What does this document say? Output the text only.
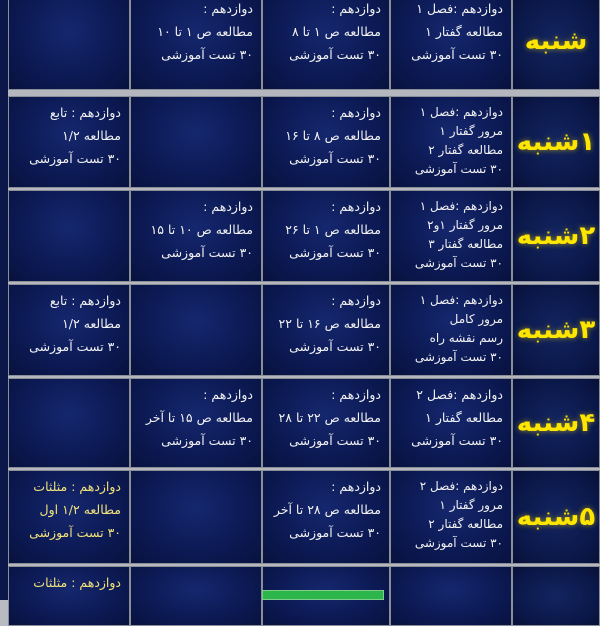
شنبه
دوازدهم :فصل ۱
مطالعه گفتار ۱
۳۰ تست آموزشی
دوازدهم :
مطالعه ص ۱ تا ۸
۳۰ تست آموزشی
دوازدهم :
مطالعه ص ۱ تا ۱۰
۳۰ تست آموزشی
۱شنبه
دوازدهم :فصل ۱
مرور گفتار ۱
مطالعه گفتار ۲
۳۰ تست آموزشی
دوازدهم :
مطالعه ص ۸ تا ۱۶
۳۰ تست آموزشی
دوازدهم : تابع
مطالعه ۱/۲
۳۰ تست آموزشی
۲شنبه
دوازدهم :فصل ۱
مرور گفتار ۱و۲
مطالعه گفتار ۳
۳۰ تست آموزشی
دوازدهم :
مطالعه ص ۱ تا ۲۶
۳۰ تست آموزشی
دوازدهم :
مطالعه ص ۱۰ تا ۱۵
۳۰ تست آموزشی
۳شنبه
دوازدهم :فصل ۱
مرور کامل
رسم نقشه راه
۳۰ تست آموزشی
دوازدهم :
مطالعه ص ۱۶ تا ۲۲
۳۰ تست آموزشی
دوازدهم : تابع
مطالعه ۱/۲
۳۰ تست آموزشی
۴شنبه
دوازدهم :فصل ۲
مطالعه گفتار ۱
۳۰ تست آموزشی
دوازدهم :
مطالعه ص ۲۲ تا ۲۸
۳۰ تست آموزشی
دوازدهم :
مطالعه ص ۱۵ تا آخر
۳۰ تست آموزشی
۵شنبه
دوازدهم :فصل ۲
مرور گفتار ۱
مطالعه گفتار ۲
۳۰ تست آموزشی
دوازدهم :
مطالعه ص ۲۸ تا آخر
۳۰ تست آموزشی
دوازدهم : مثلثات
مطالعه ۱/۲ اول
۳۰ تست آموزشی
دوازدهم : مثلثات
